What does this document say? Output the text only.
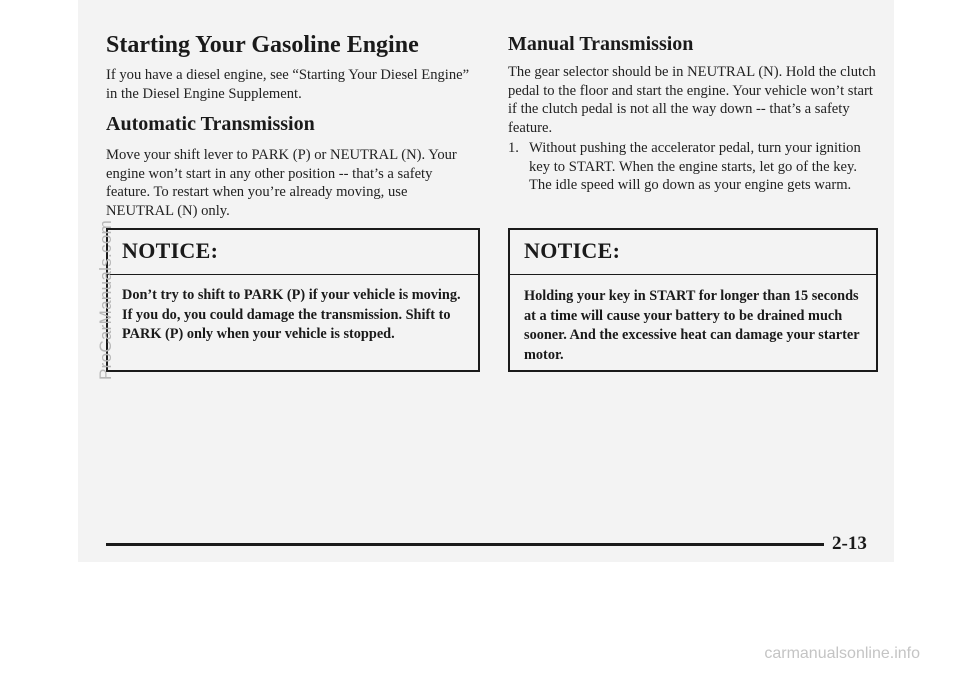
Starting Your Gasoline Engine

If you have a diesel engine, see “Starting Your Diesel Engine” in the Diesel Engine Supplement.

Automatic Transmission

Move your shift lever to PARK (P) or NEUTRAL (N). Your engine won’t start in any other position -- that’s a safety feature. To restart when you’re already moving, use NEUTRAL (N) only.

NOTICE:

Don’t try to shift to PARK (P) if your vehicle is moving. If you do, you could damage the transmission. Shift to PARK (P) only when your vehicle is stopped.

Manual Transmission

The gear selector should be in NEUTRAL (N). Hold the clutch pedal to the floor and start the engine. Your vehicle won’t start if the clutch pedal is not all the way down -- that’s a safety feature.

1. Without pushing the accelerator pedal, turn your ignition key to START. When the engine starts, let go of the key. The idle speed will go down as your engine gets warm.
NOTICE:

Holding your key in START for longer than 15 seconds at a time will cause your battery to be drained much sooner. And the excessive heat can damage your starter motor.

2-13
ProCarManuals.com
carmanualsonline.info
